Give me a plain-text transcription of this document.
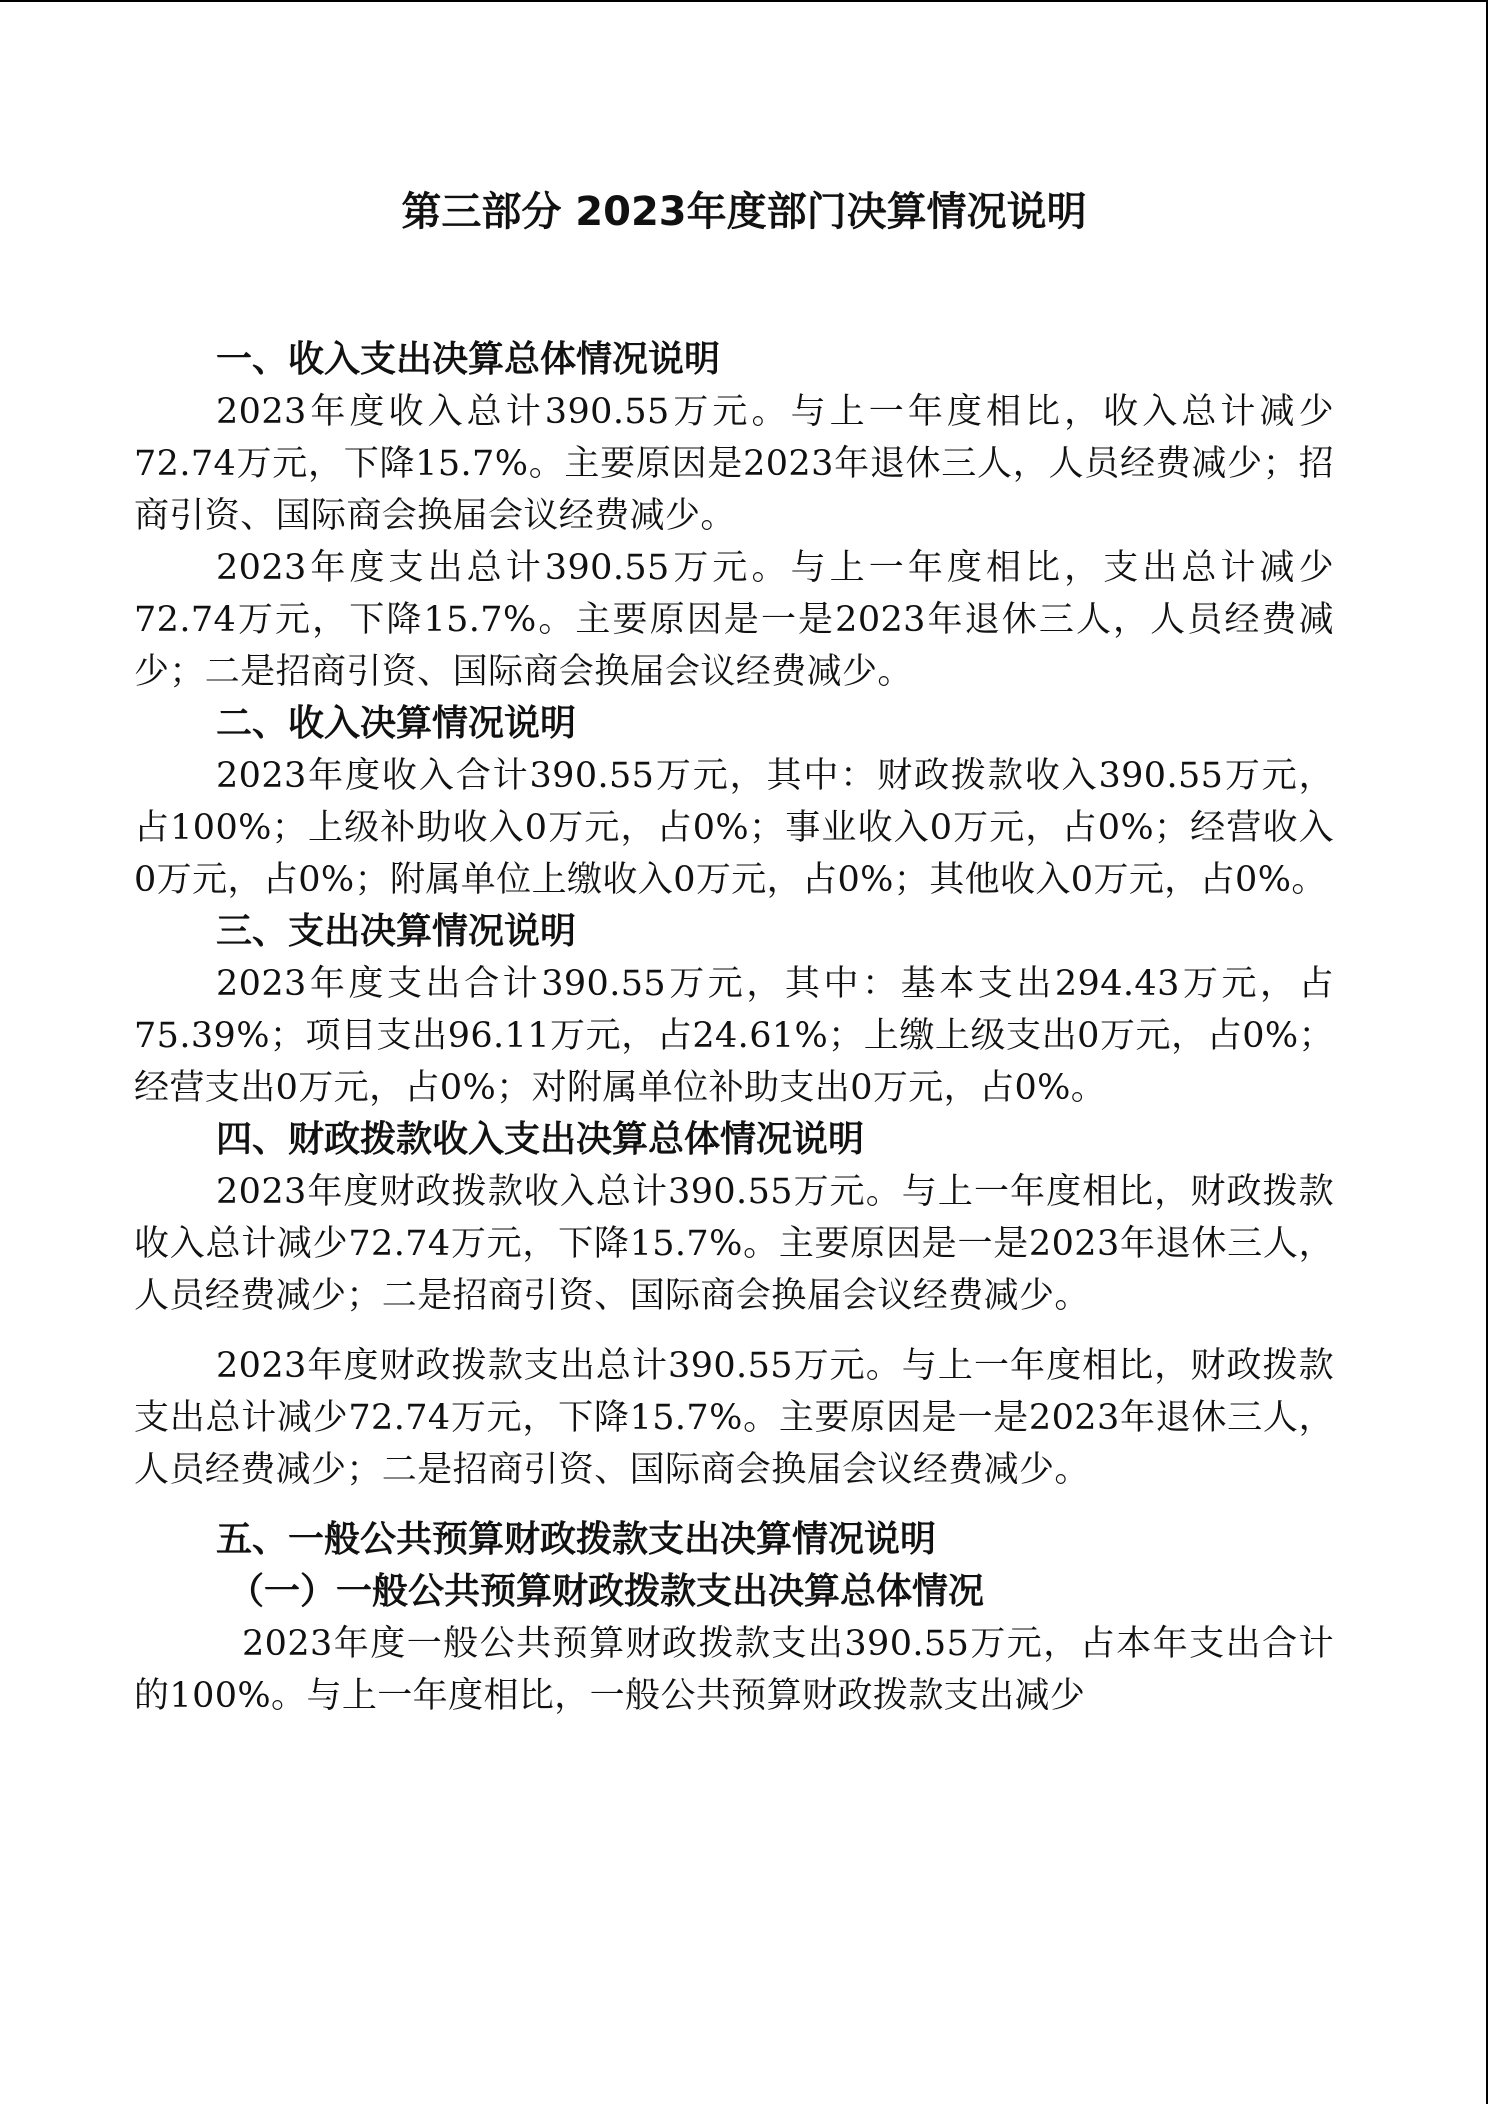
第三部分 2023年度部门决算情况说明
一、收入支出决算总体情况说明

2023年度收入总计390.55万元。与上一年度相比，收入总计减少72.74万元，下降15.7%。主要原因是2023年退休三人，人员经费减少；招商引资、国际商会换届会议经费减少。

2023年度支出总计390.55万元。与上一年度相比，支出总计减少72.74万元，下降15.7%。主要原因是一是2023年退休三人，人员经费减少；二是招商引资、国际商会换届会议经费减少。

二、收入决算情况说明

2023年度收入合计390.55万元，其中：财政拨款收入390.55万元，占100%；上级补助收入0万元，占0%；事业收入0万元，占0%；经营收入0万元，占0%；附属单位上缴收入0万元，占0%；其他收入0万元，占0%。

三、支出决算情况说明

2023年度支出合计390.55万元，其中：基本支出294.43万元，占75.39%；项目支出96.11万元，占24.61%；上缴上级支出0万元，占0%；经营支出0万元，占0%；对附属单位补助支出0万元，占0%。

四、财政拨款收入支出决算总体情况说明

2023年度财政拨款收入总计390.55万元。与上一年度相比，财政拨款收入总计减少72.74万元，下降15.7%。主要原因是一是2023年退休三人，人员经费减少；二是招商引资、国际商会换届会议经费减少。

2023年度财政拨款支出总计390.55万元。与上一年度相比，财政拨款支出总计减少72.74万元，下降15.7%。主要原因是一是2023年退休三人，人员经费减少；二是招商引资、国际商会换届会议经费减少。

五、一般公共预算财政拨款支出决算情况说明
（一）一般公共预算财政拨款支出决算总体情况

2023年度一般公共预算财政拨款支出390.55万元，占本年支出合计的100%。与上一年度相比，一般公共预算财政拨款支出减少
